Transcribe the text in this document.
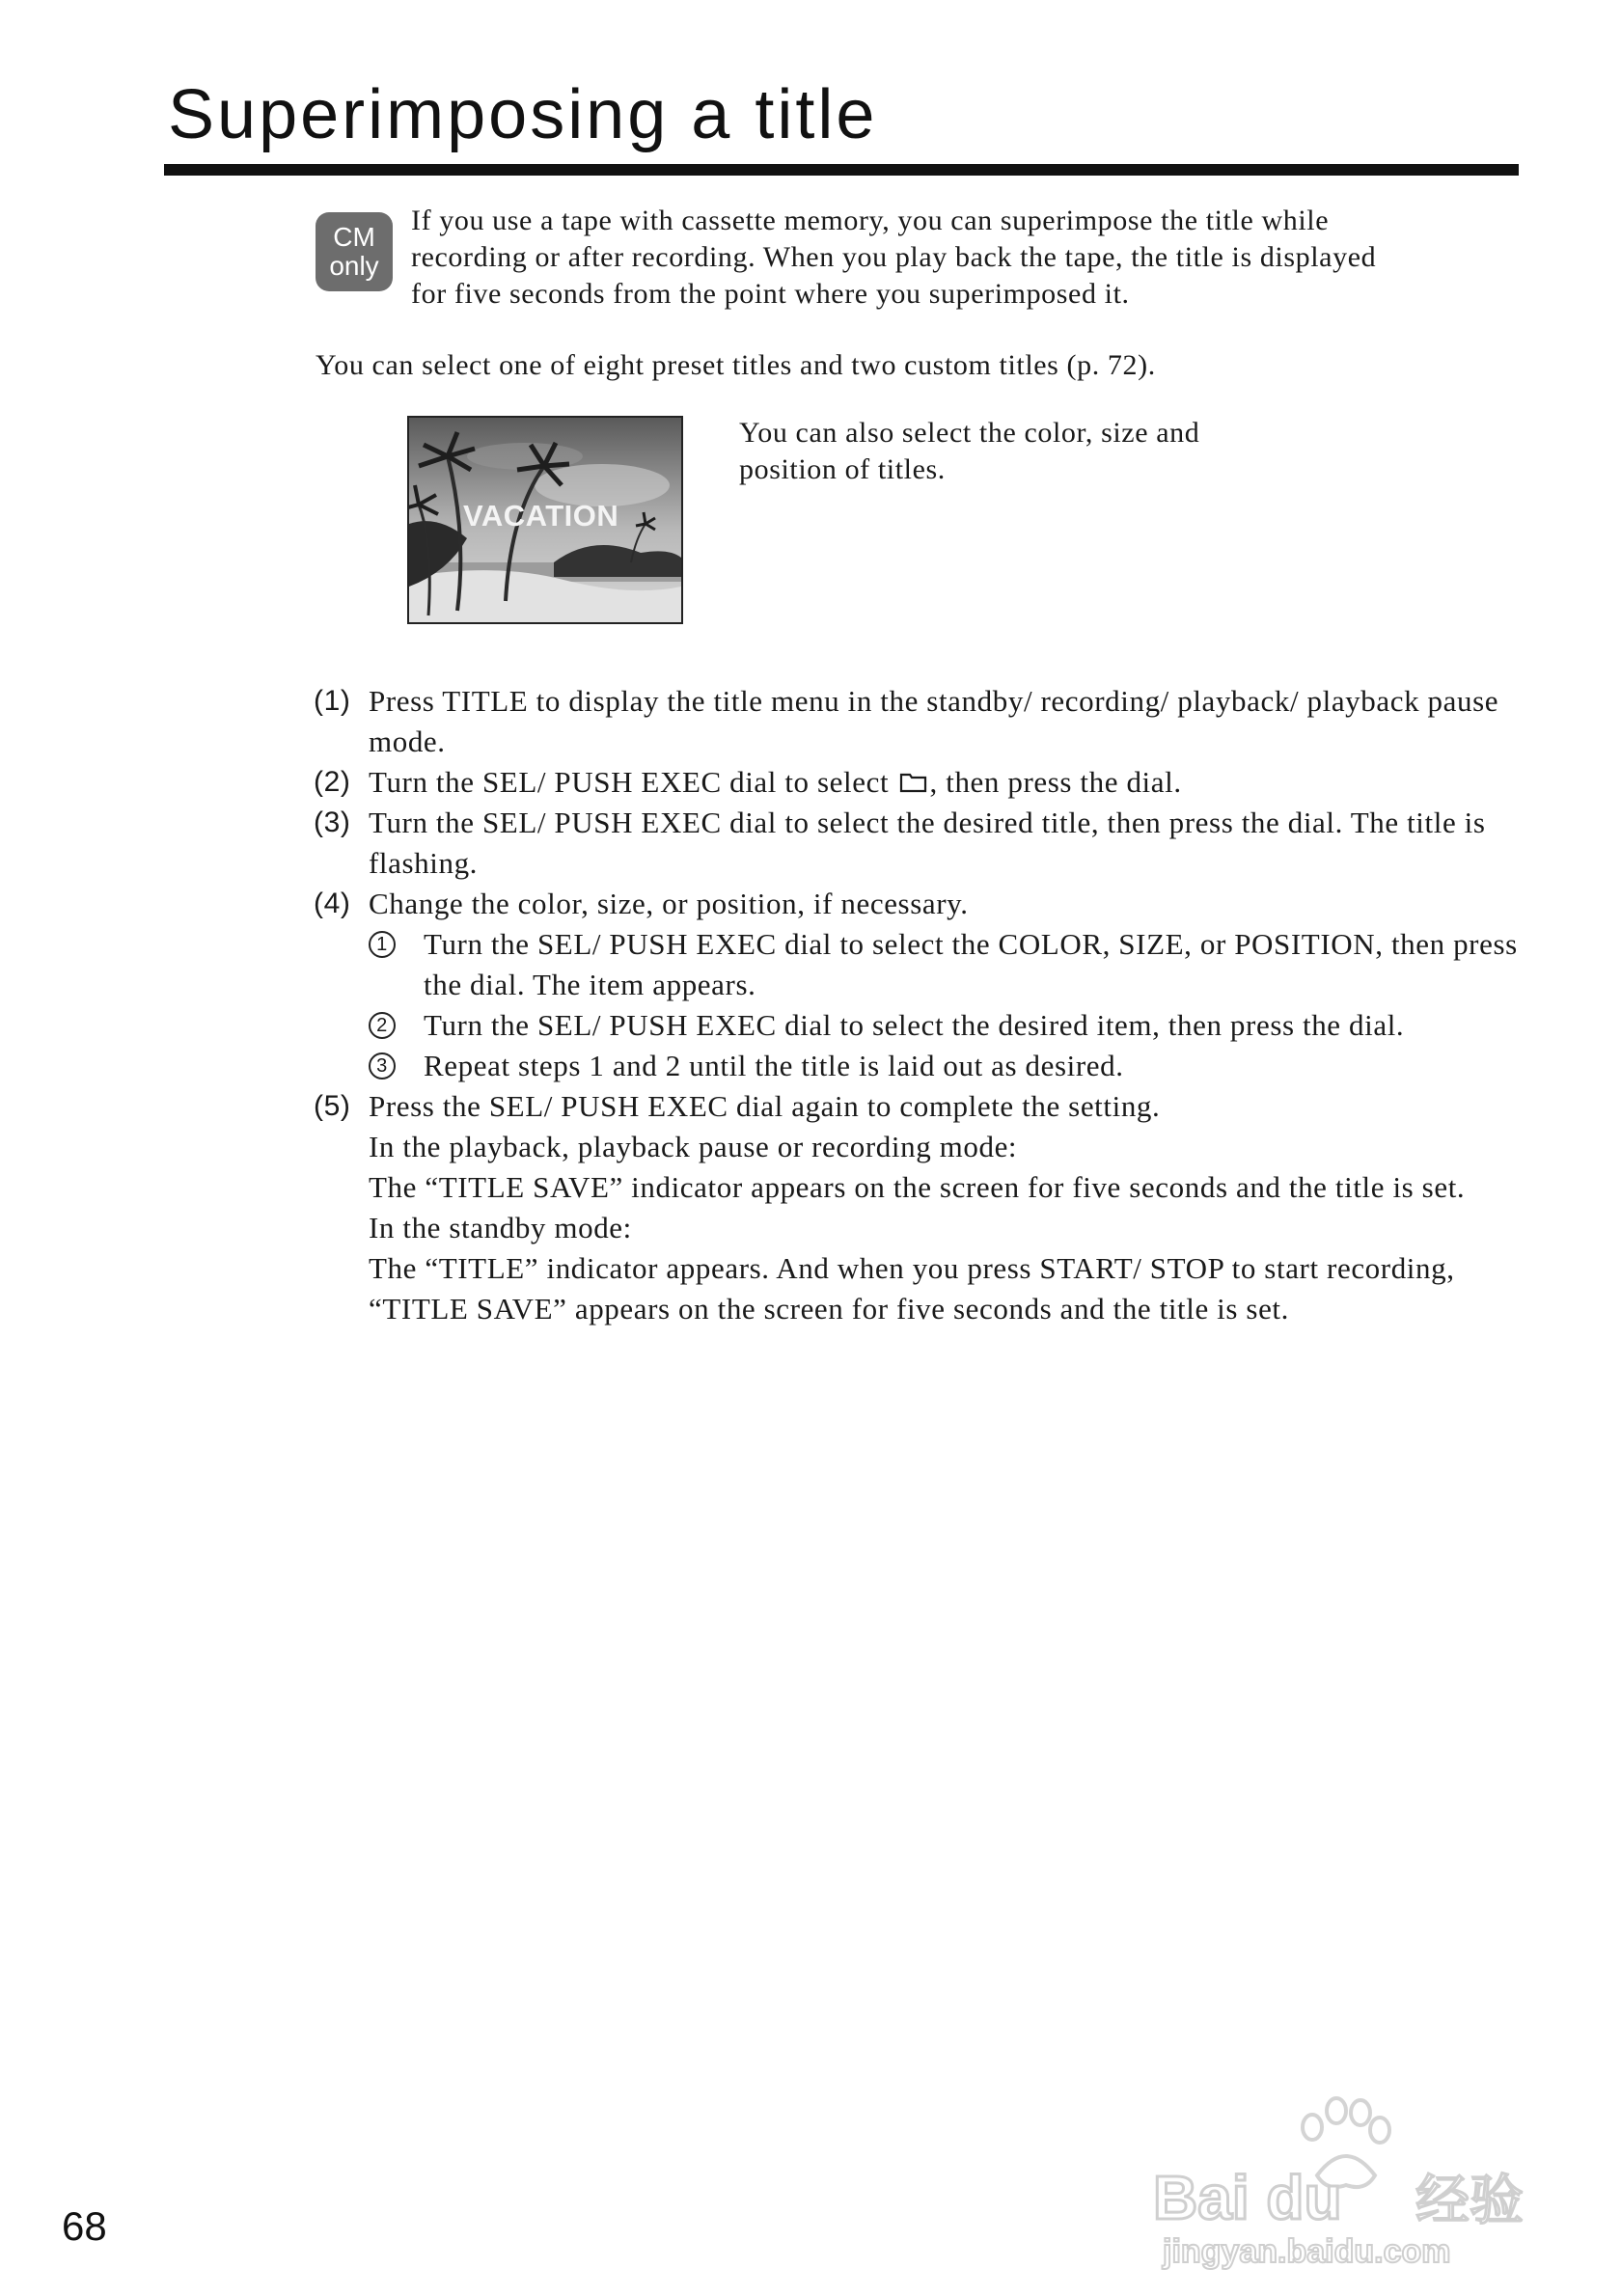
Superimposing a title
CM
only
If you use a tape with cassette memory, you can superimpose the title while
recording or after recording. When you play back the tape, the title is displayed
for five seconds from the point where you superimposed it.
You can select one of eight preset titles and two custom titles (p. 72).
VACATION
You can also select the color, size and
position of titles.
(1) Press TITLE to display the title menu in the standby/ recording/ playback/ playback pause mode.
(2) Turn the SEL/ PUSH EXEC dial to select , then press the dial.
(3) Turn the SEL/ PUSH EXEC dial to select the desired title, then press the dial. The title is flashing.
(4) Change the color, size, or position, if necessary.
1 Turn the SEL/ PUSH EXEC dial to select the COLOR, SIZE, or POSITION, then press the dial. The item appears.
2 Turn the SEL/ PUSH EXEC dial to select the desired item, then press the dial.
3 Repeat steps 1 and 2 until the title is laid out as desired.
(5) Press the SEL/ PUSH EXEC dial again to complete the setting.
In the playback, playback pause or recording mode:
The “TITLE SAVE” indicator appears on the screen for five seconds and the title is set.
In the standby mode:
The “TITLE” indicator appears. And when you press START/ STOP to start recording, “TITLE SAVE” appears on the screen for five seconds and the title is set.
68	Bai du 经验
jingyan.baidu.com
